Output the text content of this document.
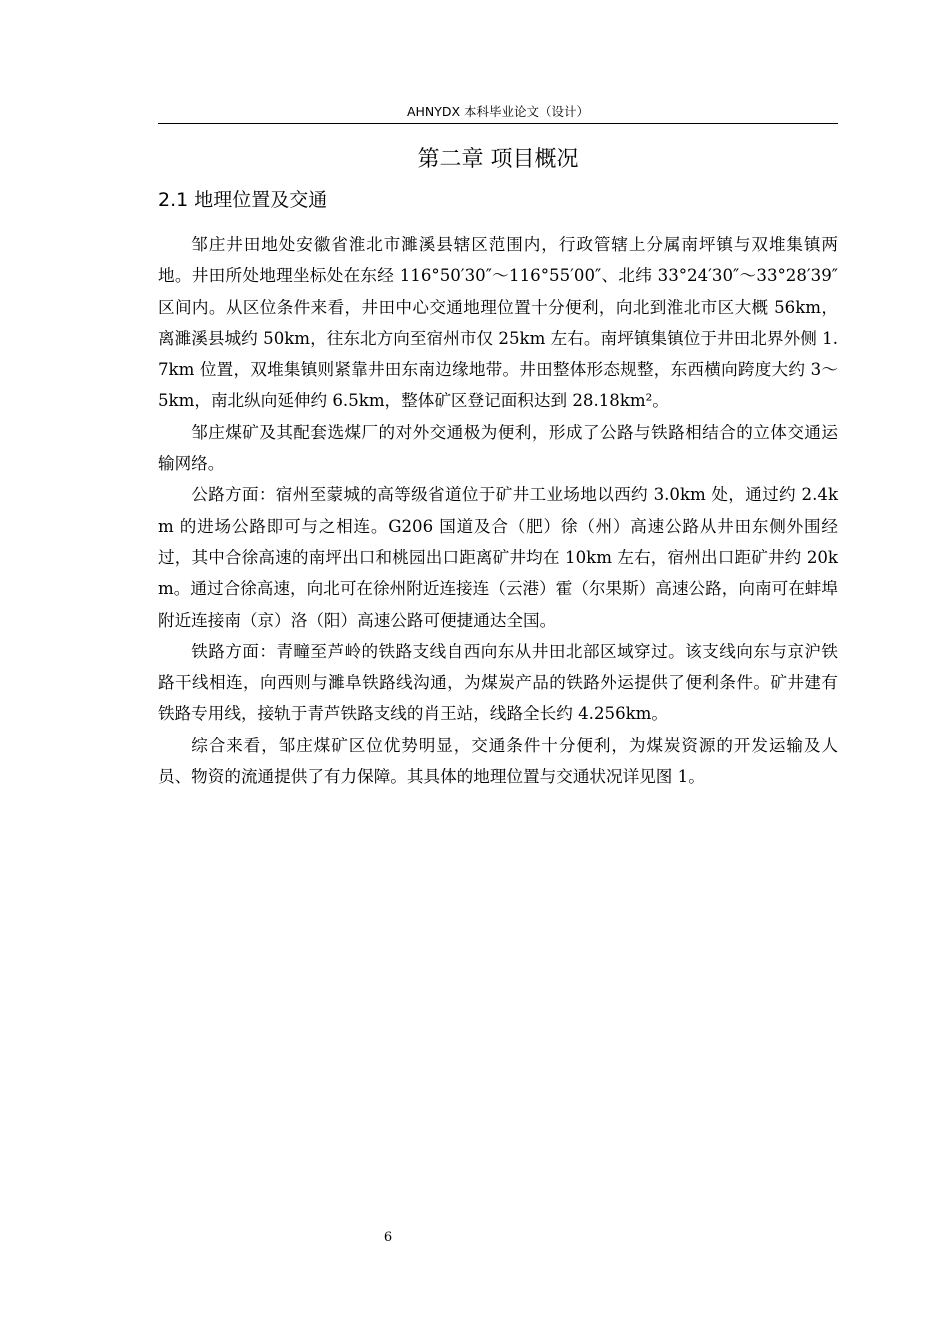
AHNYDX 本科毕业论文（设计）
第二章 项目概况
2.1 地理位置及交通

邹庄井田地处安徽省淮北市濉溪县辖区范围内，行政管辖上分属南坪镇与双堆集镇两地。井田所处地理坐标处在东经 116°50′30″～116°55′00″、北纬 33°24′30″～33°28′39″区间内。从区位条件来看，井田中心交通地理位置十分便利，向北到淮北市区大概 56km，离濉溪县城约 50km，往东北方向至宿州市仅 25km 左右。南坪镇集镇位于井田北界外侧 1.7km 位置，双堆集镇则紧靠井田东南边缘地带。井田整体形态规整，东西横向跨度大约 3～5km，南北纵向延伸约 6.5km，整体矿区登记面积达到 28.18km²。

邹庄煤矿及其配套选煤厂的对外交通极为便利，形成了公路与铁路相结合的立体交通运输网络。

公路方面：宿州至蒙城的高等级省道位于矿井工业场地以西约 3.0km 处，通过约 2.4km 的进场公路即可与之相连。G206 国道及合（肥）徐（州）高速公路从井田东侧外围经过，其中合徐高速的南坪出口和桃园出口距离矿井均在 10km 左右，宿州出口距矿井约 20km。通过合徐高速，向北可在徐州附近连接连（云港）霍（尔果斯）高速公路，向南可在蚌埠附近连接南（京）洛（阳）高速公路可便捷通达全国。

铁路方面：青疃至芦岭的铁路支线自西向东从井田北部区域穿过。该支线向东与京沪铁路干线相连，向西则与濉阜铁路线沟通，为煤炭产品的铁路外运提供了便利条件。矿井建有铁路专用线，接轨于青芦铁路支线的肖王站，线路全长约 4.256km。

综合来看，邹庄煤矿区位优势明显，交通条件十分便利，为煤炭资源的开发运输及人员、物资的流通提供了有力保障。其具体的地理位置与交通状况详见图 1。

6
